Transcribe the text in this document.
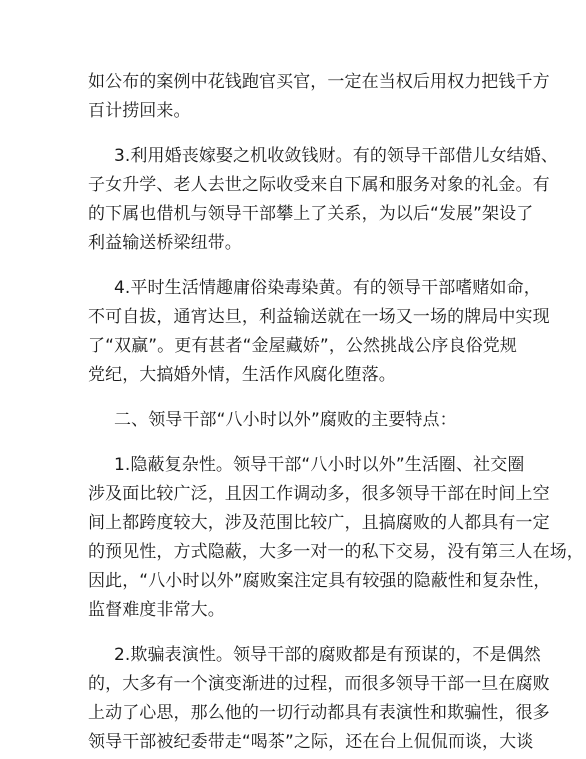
如公布的案例中花钱跑官买官，一定在当权后用权力把钱千方
百计捞回来。
3.利用婚丧嫁娶之机收敛钱财。有的领导干部借儿女结婚、
子女升学、老人去世之际收受来自下属和服务对象的礼金。有
的下属也借机与领导干部攀上了关系，为以后“发展”架设了
利益输送桥梁纽带。
4.平时生活情趣庸俗染毒染黄。有的领导干部嗜赌如命，
不可自拔，通宵达旦，利益输送就在一场又一场的牌局中实现
了“双赢”。更有甚者“金屋藏娇”，公然挑战公序良俗党规
党纪，大搞婚外情，生活作风腐化堕落。
二、领导干部“八小时以外”腐败的主要特点：
1.隐蔽复杂性。领导干部“八小时以外”生活圈、社交圈
涉及面比较广泛，且因工作调动多，很多领导干部在时间上空
间上都跨度较大，涉及范围比较广，且搞腐败的人都具有一定
的预见性，方式隐蔽，大多一对一的私下交易，没有第三人在场，
因此，“八小时以外”腐败案注定具有较强的隐蔽性和复杂性，
监督难度非常大。
2.欺骗表演性。领导干部的腐败都是有预谋的，不是偶然
的，大多有一个演变渐进的过程，而很多领导干部一旦在腐败
上动了心思，那么他的一切行动都具有表演性和欺骗性，很多
领导干部被纪委带走“喝茶”之际，还在台上侃侃而谈，大谈
